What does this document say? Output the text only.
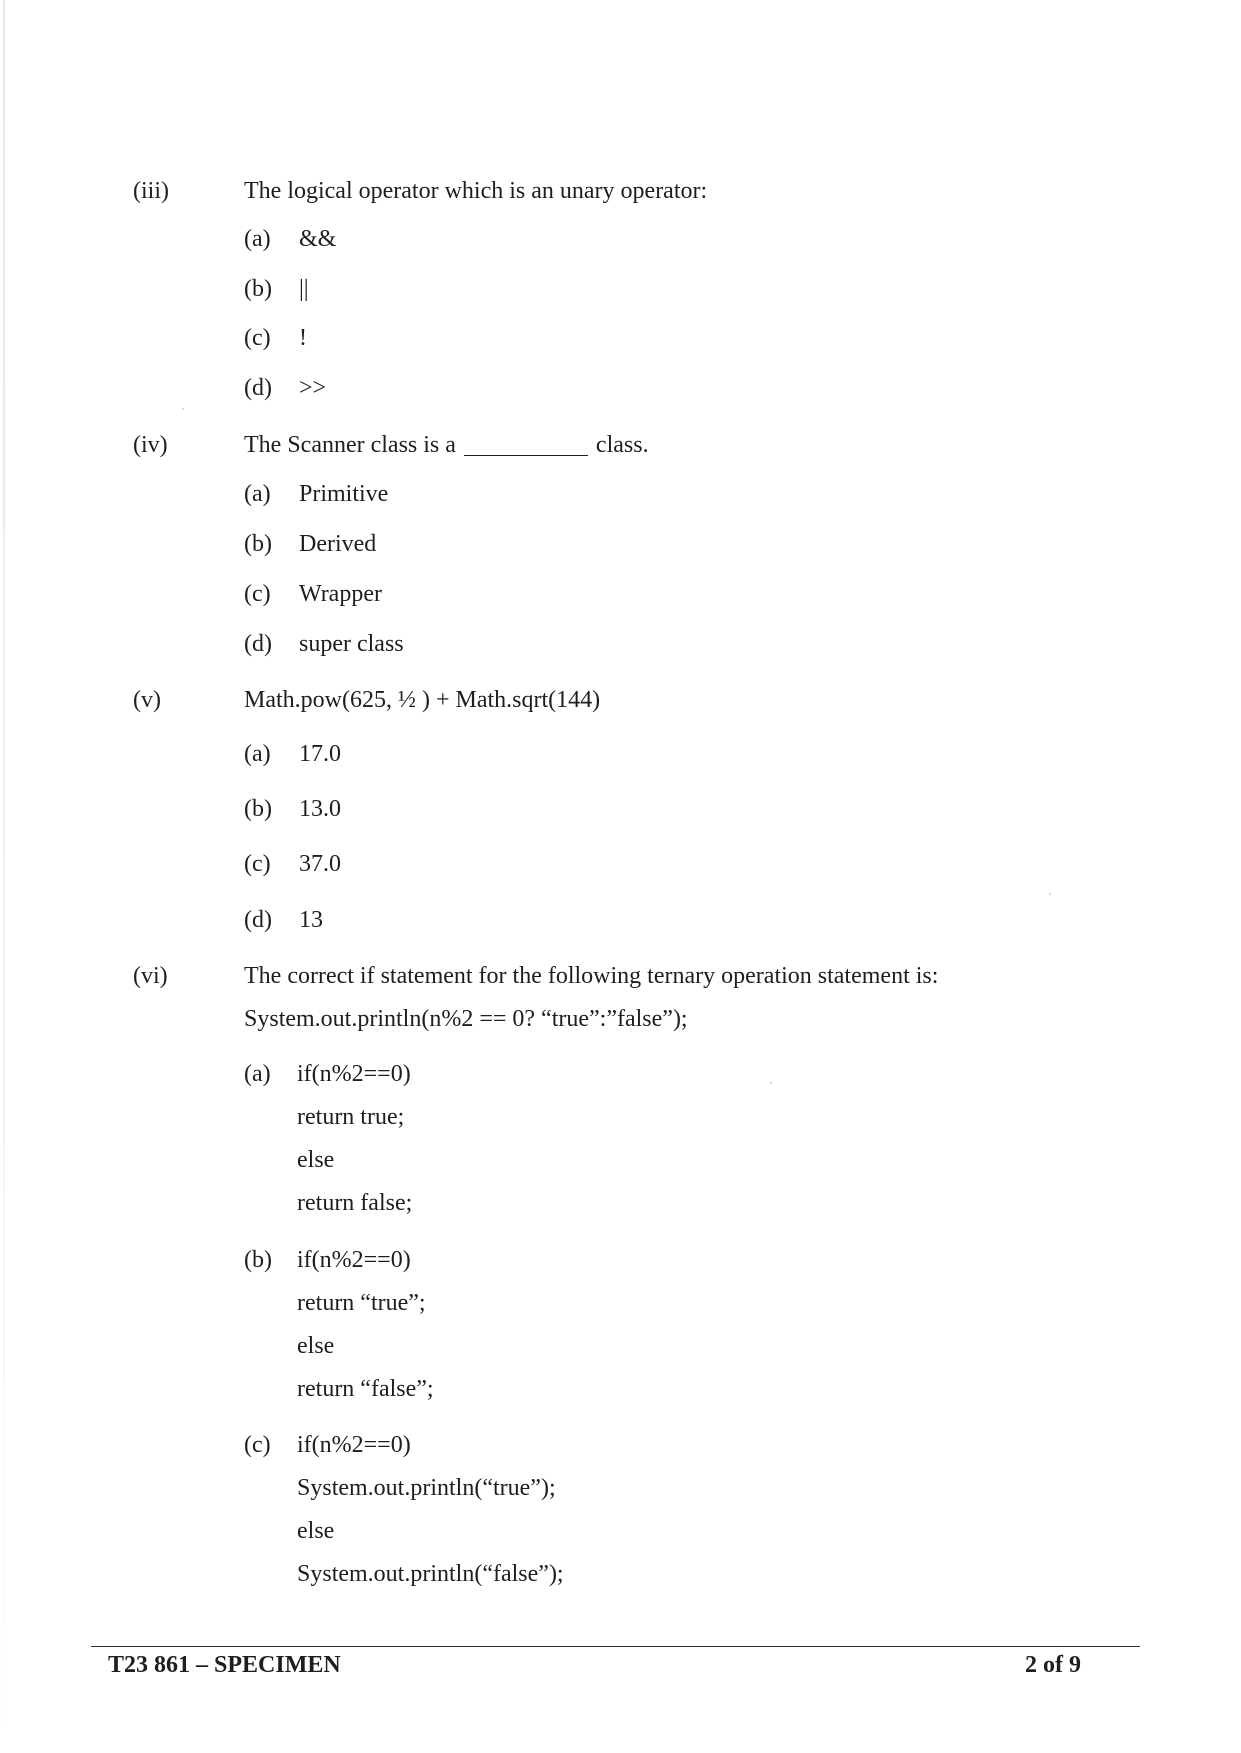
(iii)	The logical operator which is an unary operator:
(a) &&
(b) ||
(c) !
(d) >>
(iv)	The Scanner class is a	class.
(a) Primitive
(b) Derived
(c) Wrapper
(d) super class
(v)	Math.pow(625, ½ ) + Math.sqrt(144)
(a) 17.0
(b) 13.0
(c) 37.0
(d) 13
(vi)	The correct if statement for the following ternary operation statement is:
System.out.println(n%2 == 0? “true”:”false”);
(a) if(n%2==0)
return true;
else
return false;
(b) if(n%2==0)
return “true”;
else
return “false”;
(c) if(n%2==0)
System.out.println(“true”);
else
System.out.println(“false”);
T23 861 – SPECIMEN	2 of 9
